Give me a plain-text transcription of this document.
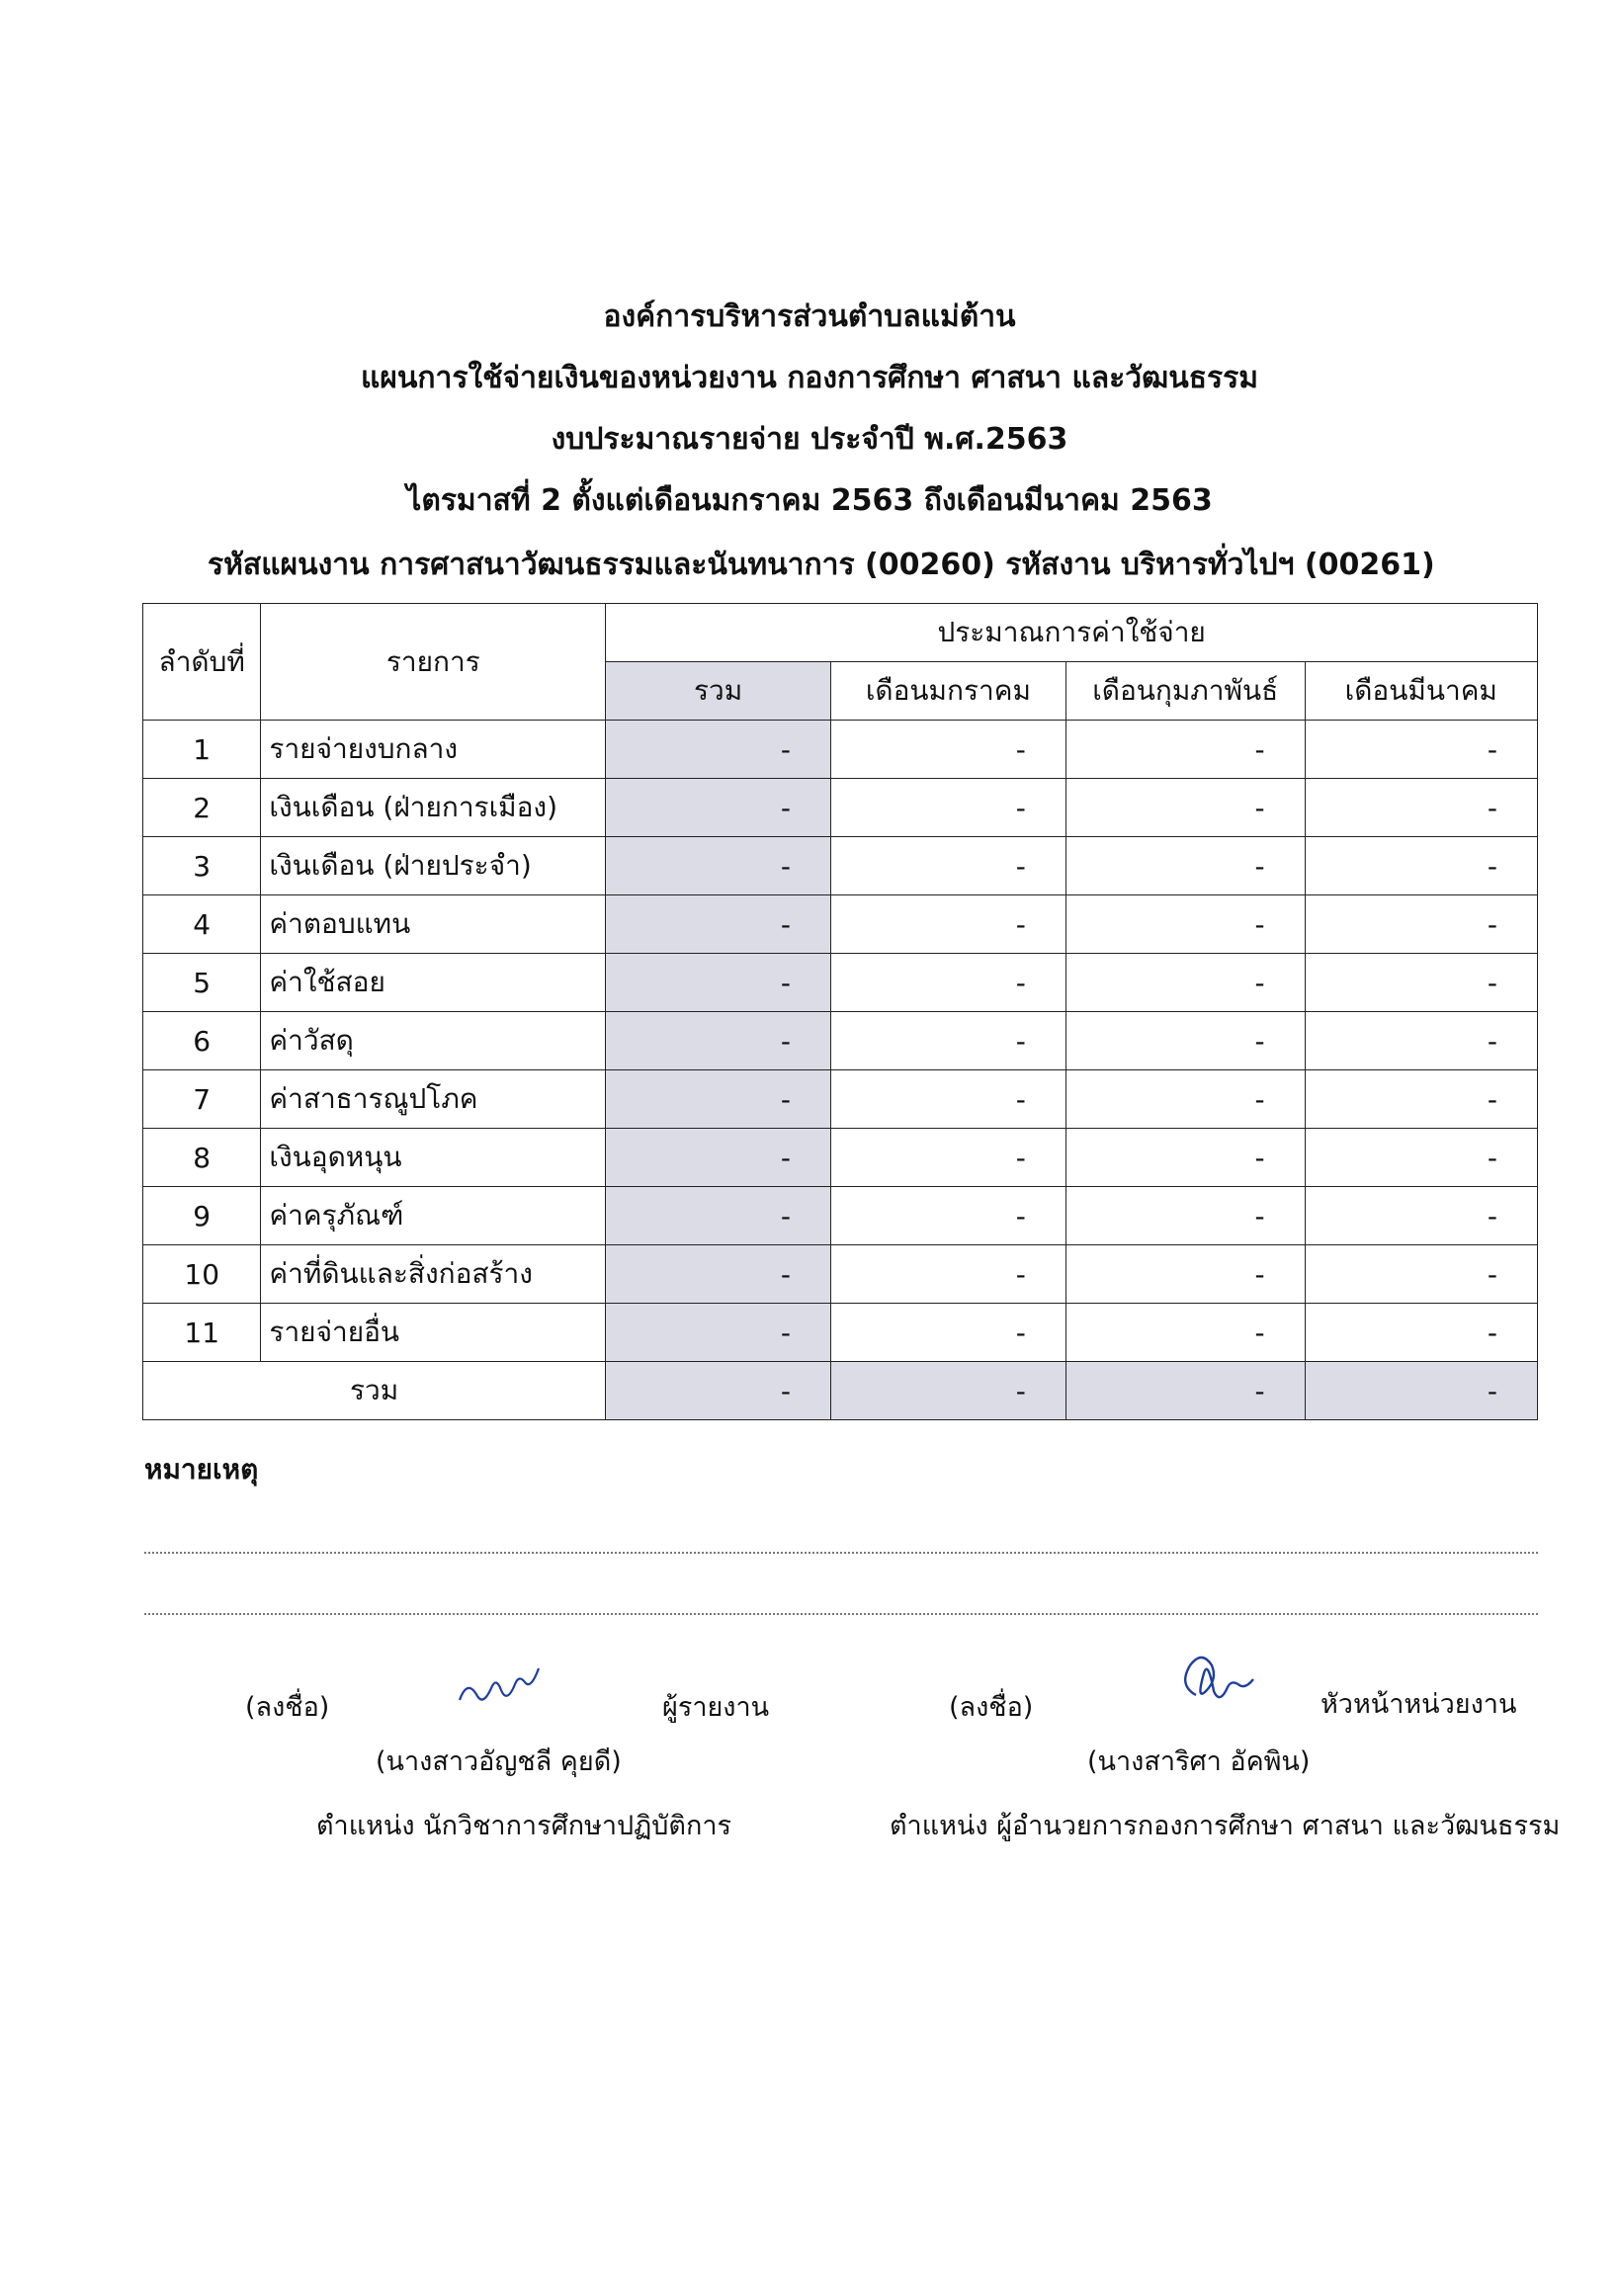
องค์การบริหารส่วนตำบลแม่ต้าน
แผนการใช้จ่ายเงินของหน่วยงาน กองการศึกษา ศาสนา และวัฒนธรรม
งบประมาณรายจ่าย ประจำปี พ.ศ.2563
ไตรมาสที่ 2 ตั้งแต่เดือนมกราคม 2563 ถึงเดือนมีนาคม 2563
รหัสแผนงาน การศาสนาวัฒนธรรมและนันทนาการ (00260) รหัสงาน บริหารทั่วไปฯ (00261)
ลำดับที่	รายการ	ประมาณการค่าใช้จ่าย			
		รวม	เดือนมกราคม	เดือนกุมภาพันธ์	เดือนมีนาคม
1	รายจ่ายงบกลาง	-	-	-	-
2	เงินเดือน (ฝ่ายการเมือง)	-	-	-	-
3	เงินเดือน (ฝ่ายประจำ)	-	-	-	-
4	ค่าตอบแทน	-	-	-	-
5	ค่าใช้สอย	-	-	-	-
6	ค่าวัสดุ	-	-	-	-
7	ค่าสาธารณูปโภค	-	-	-	-
8	เงินอุดหนุน	-	-	-	-
9	ค่าครุภัณฑ์	-	-	-	-
10	ค่าที่ดินและสิ่งก่อสร้าง	-	-	-	-
11	รายจ่ายอื่น	-	-	-	-
รวม		-	-	-	-
หมายเหตุ
(ลงชื่อ)	ผู้รายงาน
(นางสาวอัญชลี คุยดี)
ตำแหน่ง นักวิชาการศึกษาปฏิบัติการ
(ลงชื่อ)	หัวหน้าหน่วยงาน
(นางสาริศา อัคพิน)
ตำแหน่ง ผู้อำนวยการกองการศึกษา ศาสนา และวัฒนธรรม
